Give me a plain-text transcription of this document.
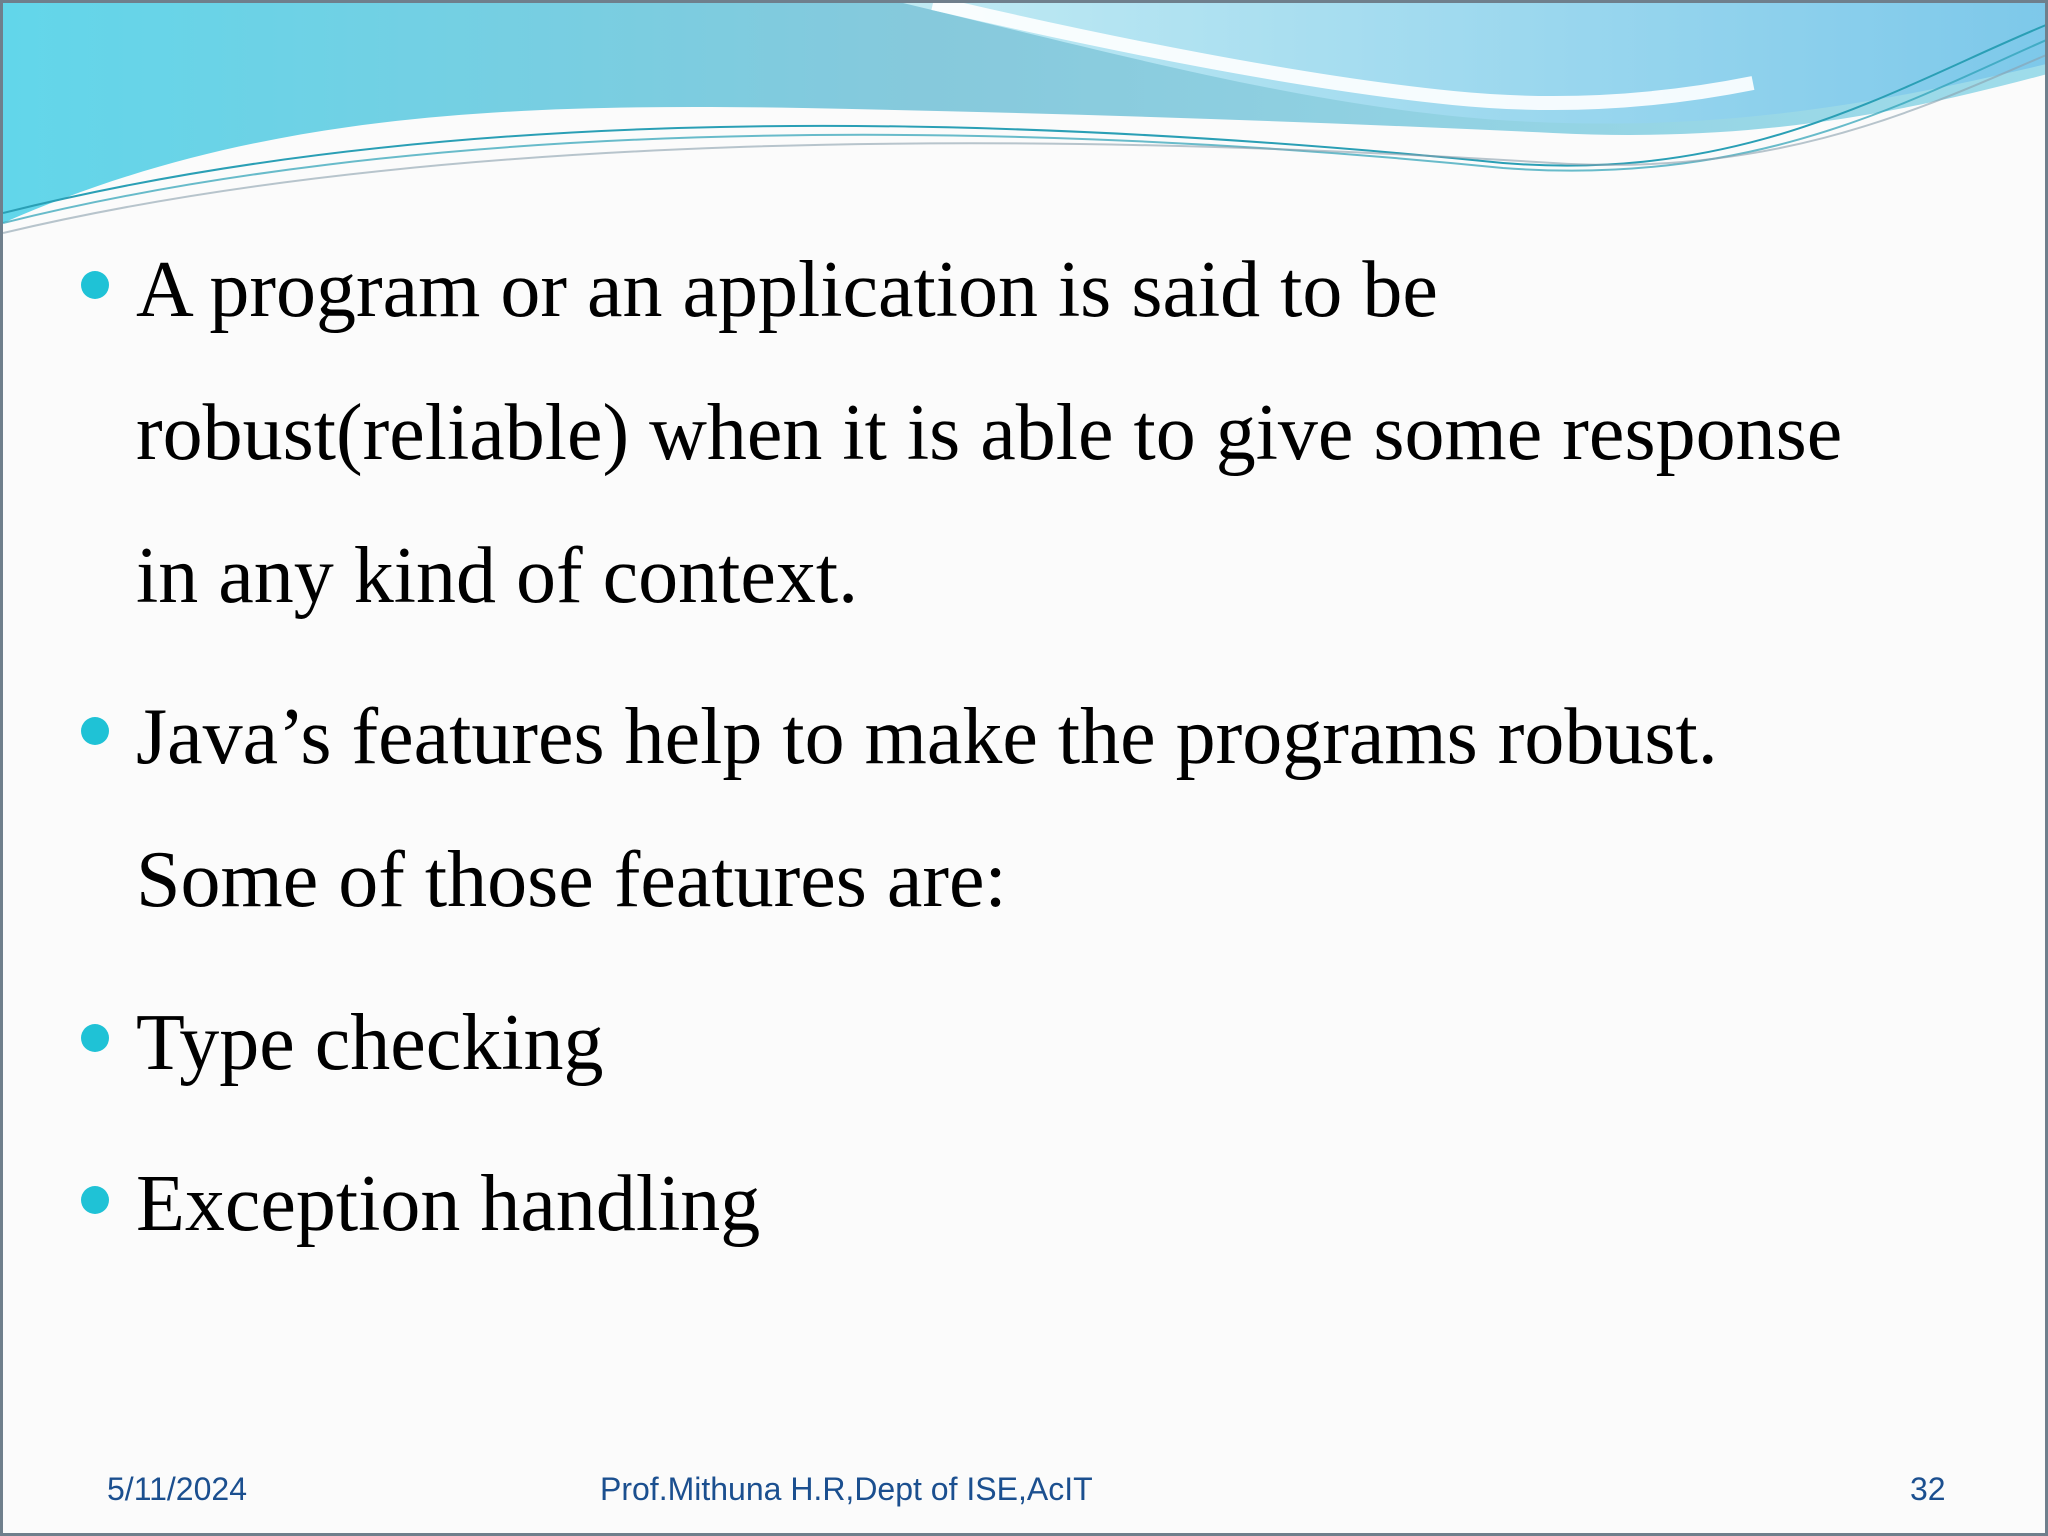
A program or an application is said to be
robust(reliable) when it is able to give some response
in any kind of context.
Java’s features help to make the programs robust.
Some of those features are:
Type checking
Exception handling
5/11/2024	Prof.Mithuna H.R,Dept of ISE,AcIT	32
